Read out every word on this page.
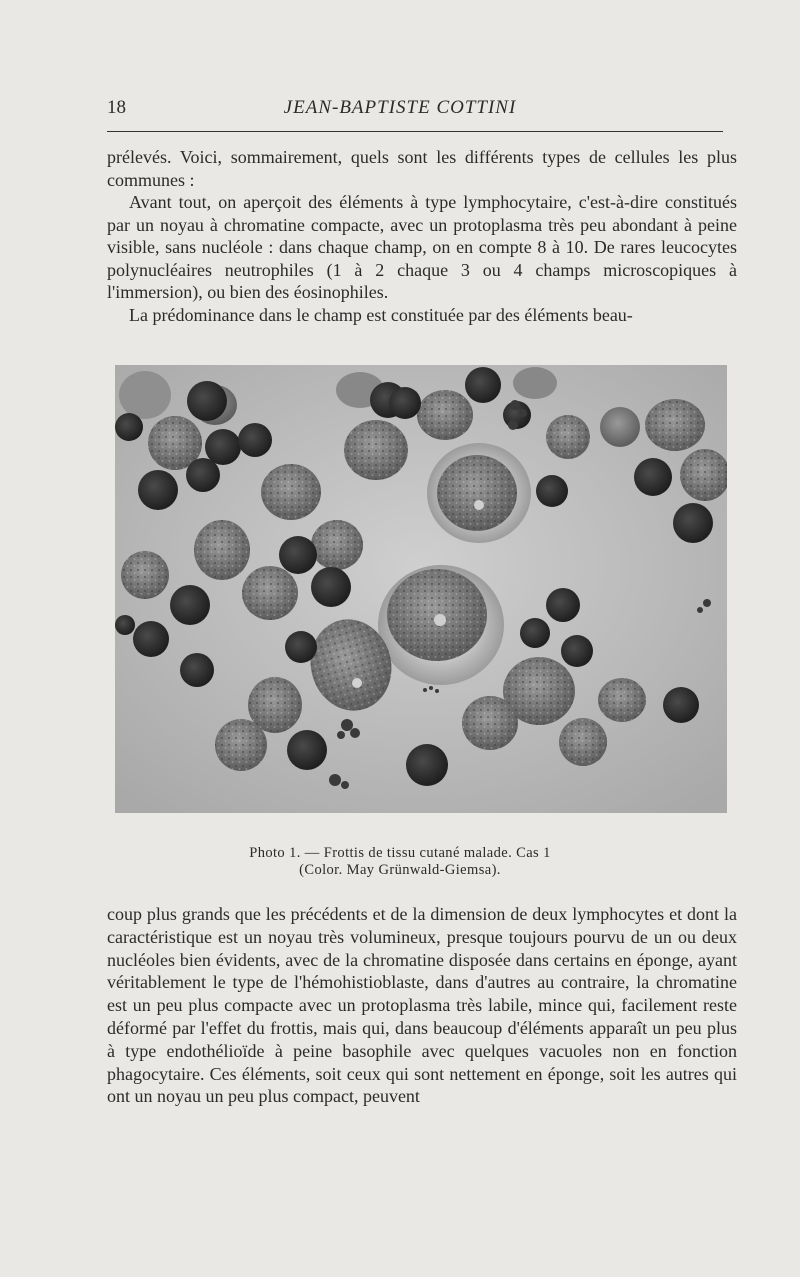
18	JEAN-BAPTISTE COTTINI

prélevés. Voici, sommairement, quels sont les différents types de cellules les plus communes :

Avant tout, on aperçoit des éléments à type lymphocytaire, c'est-à-dire constitués par un noyau à chromatine compacte, avec un protoplasma très peu abondant à peine visible, sans nucléole : dans chaque champ, on en compte 8 à 10. De rares leucocytes polynucléaires neutrophiles (1 à 2 chaque 3 ou 4 champs microscopiques à l'immersion), ou bien des éosinophiles.

La prédominance dans le champ est constituée par des éléments beau-

Photo 1. — Frottis de tissu cutané malade. Cas 1
(Color. May Grünwald-Giemsa).

coup plus grands que les précédents et de la dimension de deux lymphocytes et dont la caractéristique est un noyau très volumineux, presque toujours pourvu de un ou deux nucléoles bien évidents, avec de la chromatine disposée dans certains en éponge, ayant véritablement le type de l'hémohistioblaste, dans d'autres au contraire, la chromatine est un peu plus compacte avec un protoplasma très labile, mince qui, facilement reste déformé par l'effet du frottis, mais qui, dans beaucoup d'éléments apparaît un peu plus à type endothélioïde à peine basophile avec quelques vacuoles non en fonction phagocytaire. Ces éléments, soit ceux qui sont nettement en éponge, soit les autres qui ont un noyau un peu plus compact, peuvent
